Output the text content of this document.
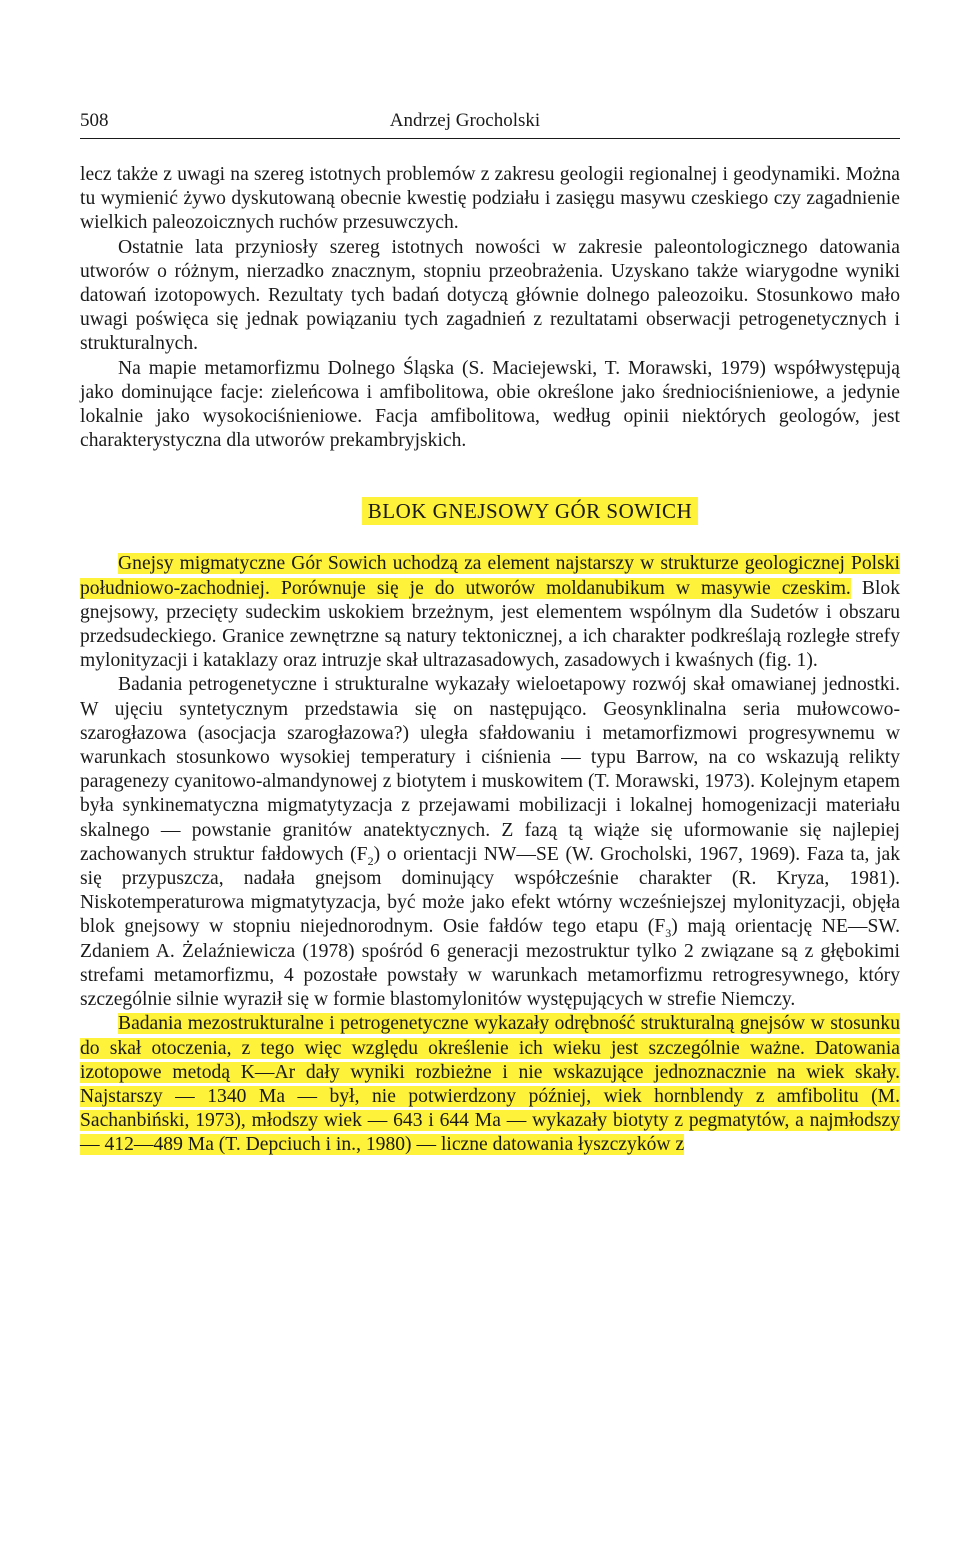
508	Andrzej Grocholski

lecz także z uwagi na szereg istotnych problemów z zakresu geologii regionalnej i geodynamiki. Można tu wymienić żywo dyskutowaną obecnie kwestię podziału i zasięgu masywu czeskiego czy zagadnienie wielkich paleozoicznych ruchów przesuwczych.

Ostatnie lata przyniosły szereg istotnych nowości w zakresie paleontologicznego datowania utworów o różnym, nierzadko znacznym, stopniu przeobrażenia. Uzyskano także wiarygodne wyniki datowań izotopowych. Rezultaty tych badań dotyczą głównie dolnego paleozoiku. Stosunkowo mało uwagi poświęca się jednak powiązaniu tych zagadnień z rezultatami obserwacji petrogenetycznych i strukturalnych.

Na mapie metamorfizmu Dolnego Śląska (S. Maciejewski, T. Morawski, 1979) współwystępują jako dominujące facje: zieleńcowa i amfibolitowa, obie określone jako średniociśnieniowe, a jedynie lokalnie jako wysokociśnieniowe. Facja amfibolitowa, według opinii niektórych geologów, jest charakterystyczna dla utworów prekambryjskich.

BLOK GNEJSOWY GÓR SOWICH

Gnejsy migmatyczne Gór Sowich uchodzą za element najstarszy w strukturze geologicznej Polski południowo-zachodniej. Porównuje się je do utworów moldanubikum w masywie czeskim. Blok gnejsowy, przecięty sudeckim uskokiem brzeżnym, jest elementem wspólnym dla Sudetów i obszaru przedsudeckiego. Granice zewnętrzne są natury tektonicznej, a ich charakter podkreślają rozległe strefy mylonityzacji i kataklazy oraz intruzje skał ultrazasadowych, zasadowych i kwaśnych (fig. 1).

Badania petrogenetyczne i strukturalne wykazały wieloetapowy rozwój skał omawianej jednostki. W ujęciu syntetycznym przedstawia się on następująco. Geosynklinalna seria mułowcowo-szarogłazowa (asocjacja szarogłazowa?) uległa sfałdowaniu i metamorfizmowi progresywnemu w warunkach stosunkowo wysokiej temperatury i ciśnienia — typu Barrow, na co wskazują relikty paragenezy cyanitowo-almandynowej z biotytem i muskowitem (T. Morawski, 1973). Kolejnym etapem była synkinematyczna migmatytyzacja z przejawami mobilizacji i lokalnej homogenizacji materiału skalnego — powstanie granitów anatektycznych. Z fazą tą wiąże się uformowanie się najlepiej zachowanych struktur fałdowych $(F_2)$ o orientacji NW—SE (W. Grocholski, 1967, 1969). Faza ta, jak się przypuszcza, nadała gnejsom dominujący współcześnie charakter (R. Kryza, 1981). Niskotemperaturowa migmatytyzacja, być może jako efekt wtórny wcześniejszej mylonityzacji, objęła blok gnejsowy w stopniu niejednorodnym. Osie fałdów tego etapu $(F_3)$ mają orientację NE—SW. Zdaniem A. Żelaźniewicza (1978) spośród 6 generacji mezostruktur tylko 2 związane są z głębokimi strefami metamorfizmu, 4 pozostałe powstały w warunkach metamorfizmu retrogresywnego, który szczególnie silnie wyraził się w formie blastomylonitów występujących w strefie Niemczy.

Badania mezostrukturalne i petrogenetyczne wykazały odrębność strukturalną gnejsów w stosunku do skał otoczenia, z tego więc względu określenie ich wieku jest szczególnie ważne. Datowania izotopowe metodą K—Ar dały wyniki rozbieżne i nie wskazujące jednoznacznie na wiek skały. Najstarszy — 1340 Ma — był, nie potwierdzony później, wiek hornblendy z amfibolitu (M. Sachanbiński, 1973), młodszy wiek — 643 i 644 Ma — wykazały biotyty z pegmatytów, a najmłodszy — 412—489 Ma (T. Depciuch i in., 1980) — liczne datowania łyszczyków z
